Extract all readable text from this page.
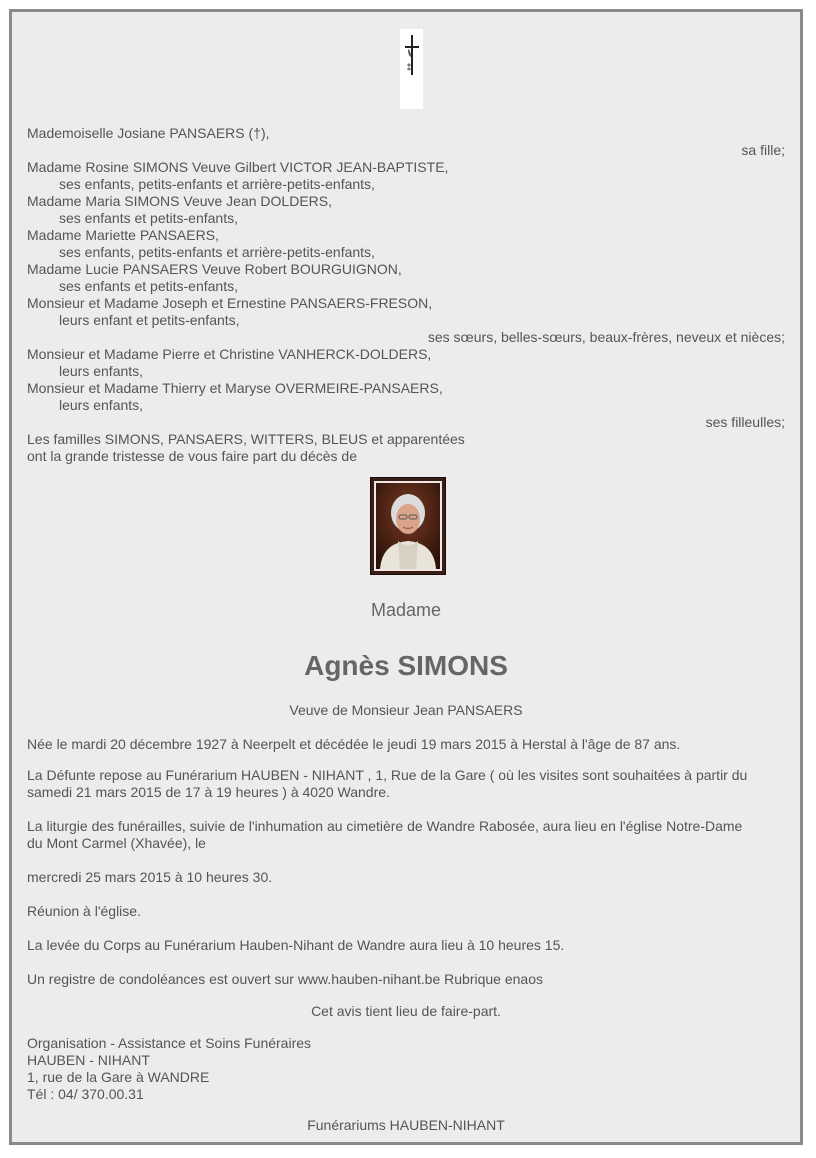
Mademoiselle Josiane PANSAERS (†),
sa fille;
Madame Rosine SIMONS Veuve Gilbert VICTOR JEAN-BAPTISTE,
ses enfants, petits-enfants et arrière-petits-enfants,
Madame Maria SIMONS Veuve Jean DOLDERS,
ses enfants et petits-enfants,
Madame Mariette PANSAERS,
ses enfants, petits-enfants et arrière-petits-enfants,
Madame Lucie PANSAERS Veuve Robert BOURGUIGNON,
ses enfants et petits-enfants,
Monsieur et Madame Joseph et Ernestine PANSAERS-FRESON,
leurs enfant et petits-enfants,
ses sœurs, belles-sœurs, beaux-frères, neveux et nièces;
Monsieur et Madame Pierre et Christine VANHERCK-DOLDERS,
leurs enfants,
Monsieur et Madame Thierry et Maryse OVERMEIRE-PANSAERS,
leurs enfants,
ses filleulles;
Les familles SIMONS, PANSAERS, WITTERS, BLEUS et apparentées
ont la grande tristesse de vous faire part du décès de
Madame
Agnès SIMONS
Veuve de Monsieur Jean PANSAERS
Née le mardi 20 décembre 1927 à Neerpelt et décédée le jeudi 19 mars 2015 à Herstal à l'âge de 87 ans.
La Défunte repose au Funérarium HAUBEN - NIHANT , 1, Rue de la Gare ( où les visites sont souhaitées à partir du
samedi 21 mars 2015 de 17 à 19 heures ) à 4020 Wandre.
La liturgie des funérailles, suivie de l'inhumation au cimetière de Wandre Rabosée, aura lieu en l'église Notre-Dame
du Mont Carmel (Xhavée), le
mercredi 25 mars 2015 à 10 heures 30.
Réunion à l'église.
La levée du Corps au Funérarium Hauben-Nihant de Wandre aura lieu à 10 heures 15.
Un registre de condoléances est ouvert sur www.hauben-nihant.be Rubrique enaos
Cet avis tient lieu de faire-part.
Organisation - Assistance et Soins Funéraires
HAUBEN - NIHANT
1, rue de la Gare à WANDRE
Tél : 04/ 370.00.31
Funérariums HAUBEN-NIHANT
